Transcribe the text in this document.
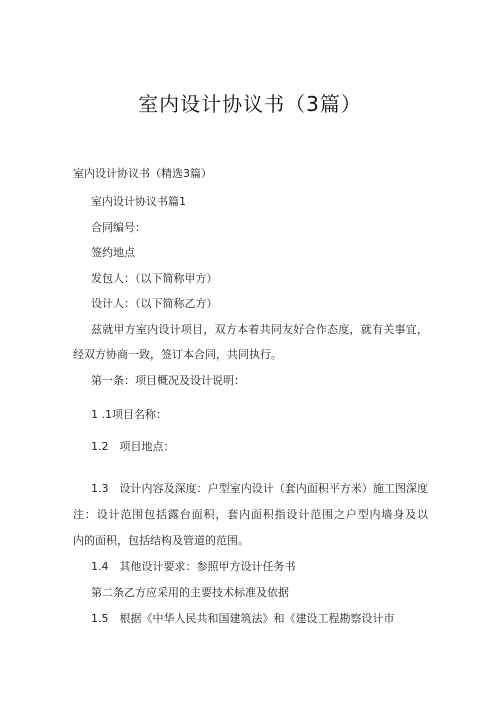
室内设计协议书（3篇）
室内设计协议书（精选3篇）
室内设计协议书篇1
合同编号：
签约地点
发包人：（以下简称甲方）
设计人：（以下简称乙方）
兹就甲方室内设计项目，双方本着共同友好合作态度，就有关事宜，
经双方协商一致，签订本合同，共同执行。
第一条：项目概况及设计说明：
1 .1项目名称：
1.2　项目地点：
1.3　设计内容及深度：户型室内设计（套内面积平方米）施工图深度
注：设计范围包括露台面积，套内面积指设计范围之户型内墙身及以
内的面积，包括结构及管道的范围。
1.4　其他设计要求：参照甲方设计任务书
第二条乙方应采用的主要技术标准及依据
1.5　根据《中华人民共和国建筑法》和《建设工程勘察设计市
